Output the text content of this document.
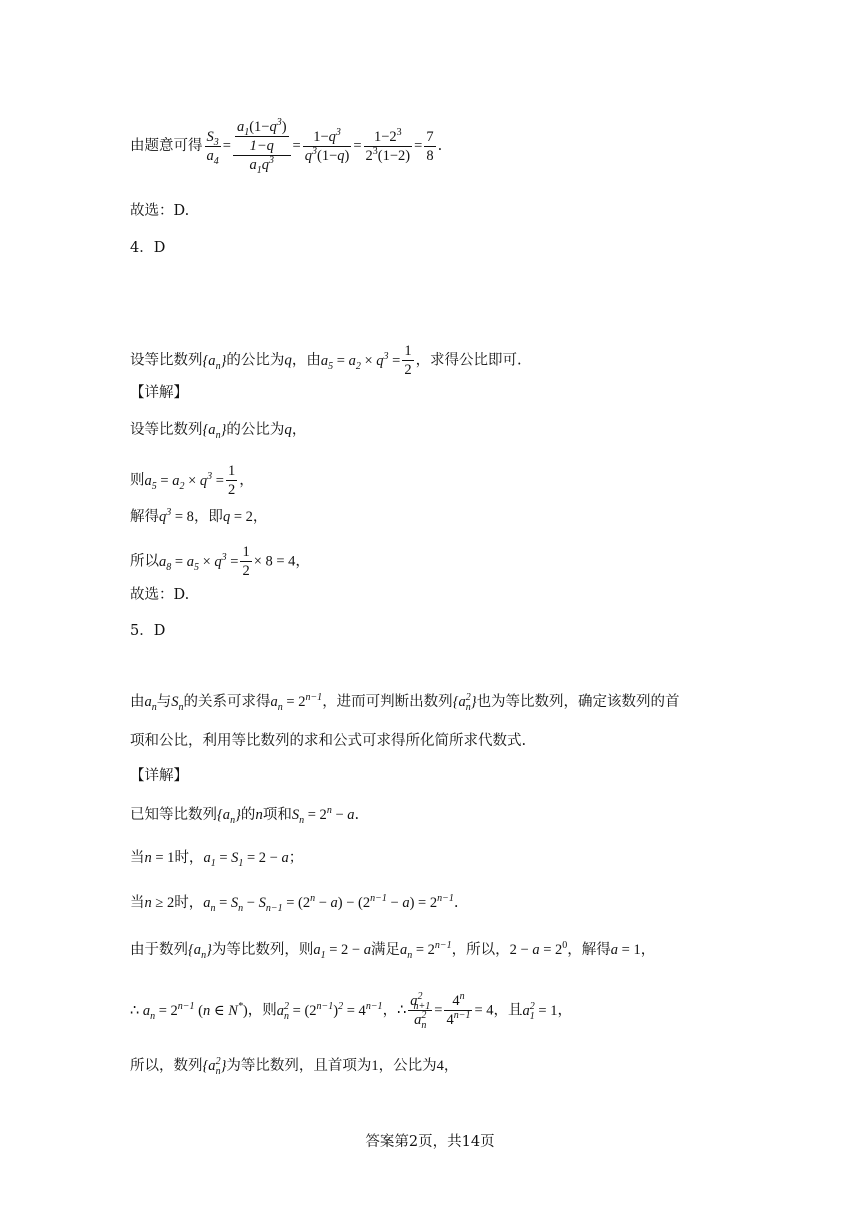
由题意可得 $\frac{S_3}{a_4} = \frac{\frac{a_1(1-q^3)}{1-q}}{a_1q^3} = \frac{1-q^3}{q^3(1-q)} = \frac{1-2^3}{2^3(1-2)} = \frac{7}{8}$ .
故选：D.
4．D
设等比数列$\{a_n\}$的公比为q，由$a_5 = a_2 \times q^3 = \frac{1}{2}$ ，求得公比即可.
【详解】
设等比数列$\{a_n\}$的公比为q，
则$a_5 = a_2 \times q^3 = \frac{1}{2}$ ，
解得$q^3 = 8$，即q = 2，
所以$a_8 = a_5 \times q^3 = \frac{1}{2} \times 8 = 4$，
故选：D.
5．D
由$a_n$与$S_n$的关系可求得$a_n = 2^{n-1}$，进而可判断出数列$\{a^2_n\}$也为等比数列，确定该数列的首
项和公比，利用等比数列的求和公式可求得所化简所求代数式.
【详解】
已知等比数列$\{a_n\}$的n项和$S_n = 2^n - a$.
当n = 1时，$a_1 = S_1 = 2 - a$；
当n ≥ 2时，$a_n = S_n - S_{n-1} = (2^n - a) - (2^{n-1} - a) = 2^{n-1}$.
由于数列$\{a_n\}$为等比数列，则$a_1 = 2 - a$满足$a_n = 2^{n-1}$，所以，$2 - a = 2^0$，解得a = 1，
∴ $a_n = 2^{n-1}$ (n ∈ N*)，则$a^2_n = (2^{n-1})^2 = 4^{n-1}$，∴ $\frac{a^2_{n+1}}{a^2_n} = \frac{4^n}{4^{n-1}} = 4$，且$a^2_1 = 1$，
所以，数列$\{a^2_n\}$为等比数列，且首项为1，公比为4，
答案第2页，共14页
